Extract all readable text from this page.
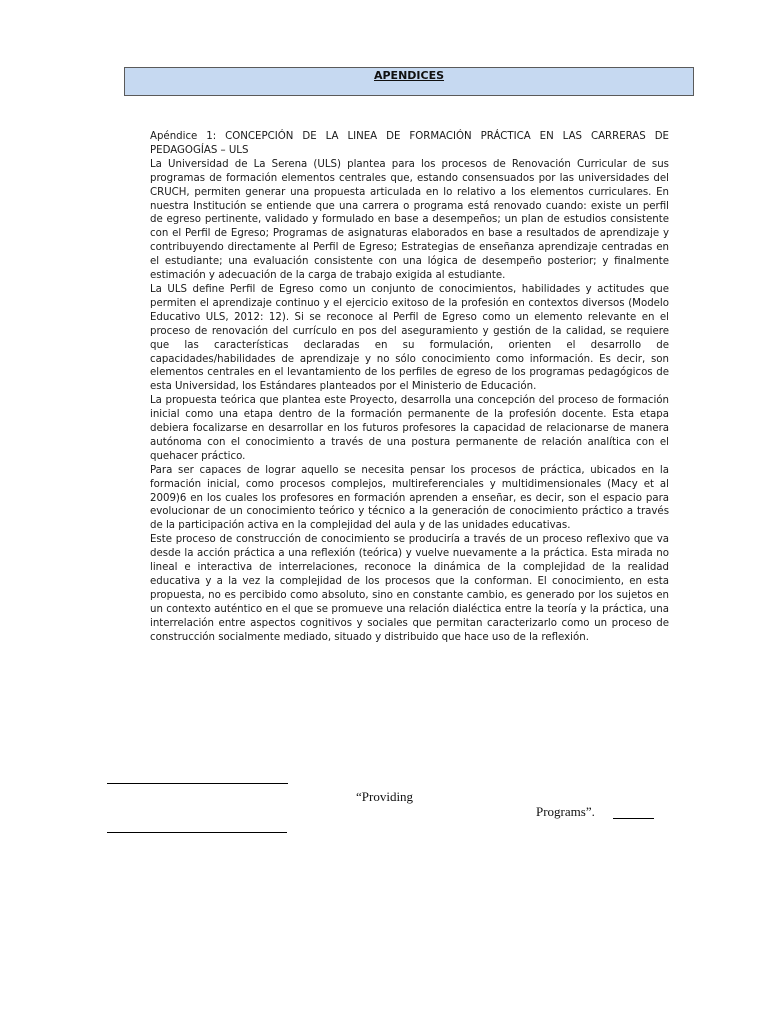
APENDICES

Apéndice 1: CONCEPCIÓN DE LA LINEA DE FORMACIÓN PRÁCTICA EN LAS CARRERAS DE PEDAGOGÍAS – ULS

La Universidad de La Serena (ULS) plantea para los procesos de Renovación Curricular de sus programas de formación elementos centrales que, estando consensuados por las universidades del CRUCH, permiten generar una propuesta articulada en lo relativo a los elementos curriculares. En nuestra Institución se entiende que una carrera o programa está renovado cuando: existe un perfil de egreso pertinente, validado y formulado en base a desempeños; un plan de estudios consistente con el Perfil de Egreso; Programas de asignaturas elaborados en base a resultados de aprendizaje y contribuyendo directamente al Perfil de Egreso; Estrategias de enseñanza aprendizaje centradas en el estudiante; una evaluación consistente con una lógica de desempeño posterior; y finalmente estimación y adecuación de la carga de trabajo exigida al estudiante.

La ULS define Perfil de Egreso como un conjunto de conocimientos, habilidades y actitudes que permiten el aprendizaje continuo y el ejercicio exitoso de la profesión en contextos diversos (Modelo Educativo ULS, 2012: 12). Si se reconoce al Perfil de Egreso como un elemento relevante en el proceso de renovación del currículo en pos del aseguramiento y gestión de la calidad, se requiere que las características declaradas en su formulación, orienten el desarrollo de capacidades/habilidades de aprendizaje y no sólo conocimiento como información. Es decir, son elementos centrales en el levantamiento de los perfiles de egreso de los programas pedagógicos de esta Universidad, los Estándares planteados por el Ministerio de Educación.

La propuesta teórica que plantea este Proyecto, desarrolla una concepción del proceso de formación inicial como una etapa dentro de la formación permanente de la profesión docente. Esta etapa debiera focalizarse en desarrollar en los futuros profesores la capacidad de relacionarse de manera autónoma con el conocimiento a través de una postura permanente de relación analítica con el quehacer práctico.

Para ser capaces de lograr aquello se necesita pensar los procesos de práctica, ubicados en la formación inicial, como procesos complejos, multireferenciales y multidimensionales (Macy et al 2009)6 en los cuales los profesores en formación aprenden a enseñar, es decir, son el espacio para evolucionar de un conocimiento teórico y técnico a la generación de conocimiento práctico a través de la participación activa en la complejidad del aula y de las unidades educativas.

Este proceso de construcción de conocimiento se produciría a través de un proceso reflexivo que va desde la acción práctica a una reflexión (teórica) y vuelve nuevamente a la práctica. Esta mirada no lineal e interactiva de interrelaciones, reconoce la dinámica de la complejidad de la realidad educativa y a la vez la complejidad de los procesos que la conforman. El conocimiento, en esta propuesta, no es percibido como absoluto, sino en constante cambio, es generado por los sujetos en un contexto auténtico en el que se promueve una relación dialéctica entre la teoría y la práctica, una interrelación entre aspectos cognitivos y sociales que permitan caracterizarlo como un proceso de construcción socialmente mediado, situado y distribuido que hace uso de la reflexión.

“Providing
Programs”.
